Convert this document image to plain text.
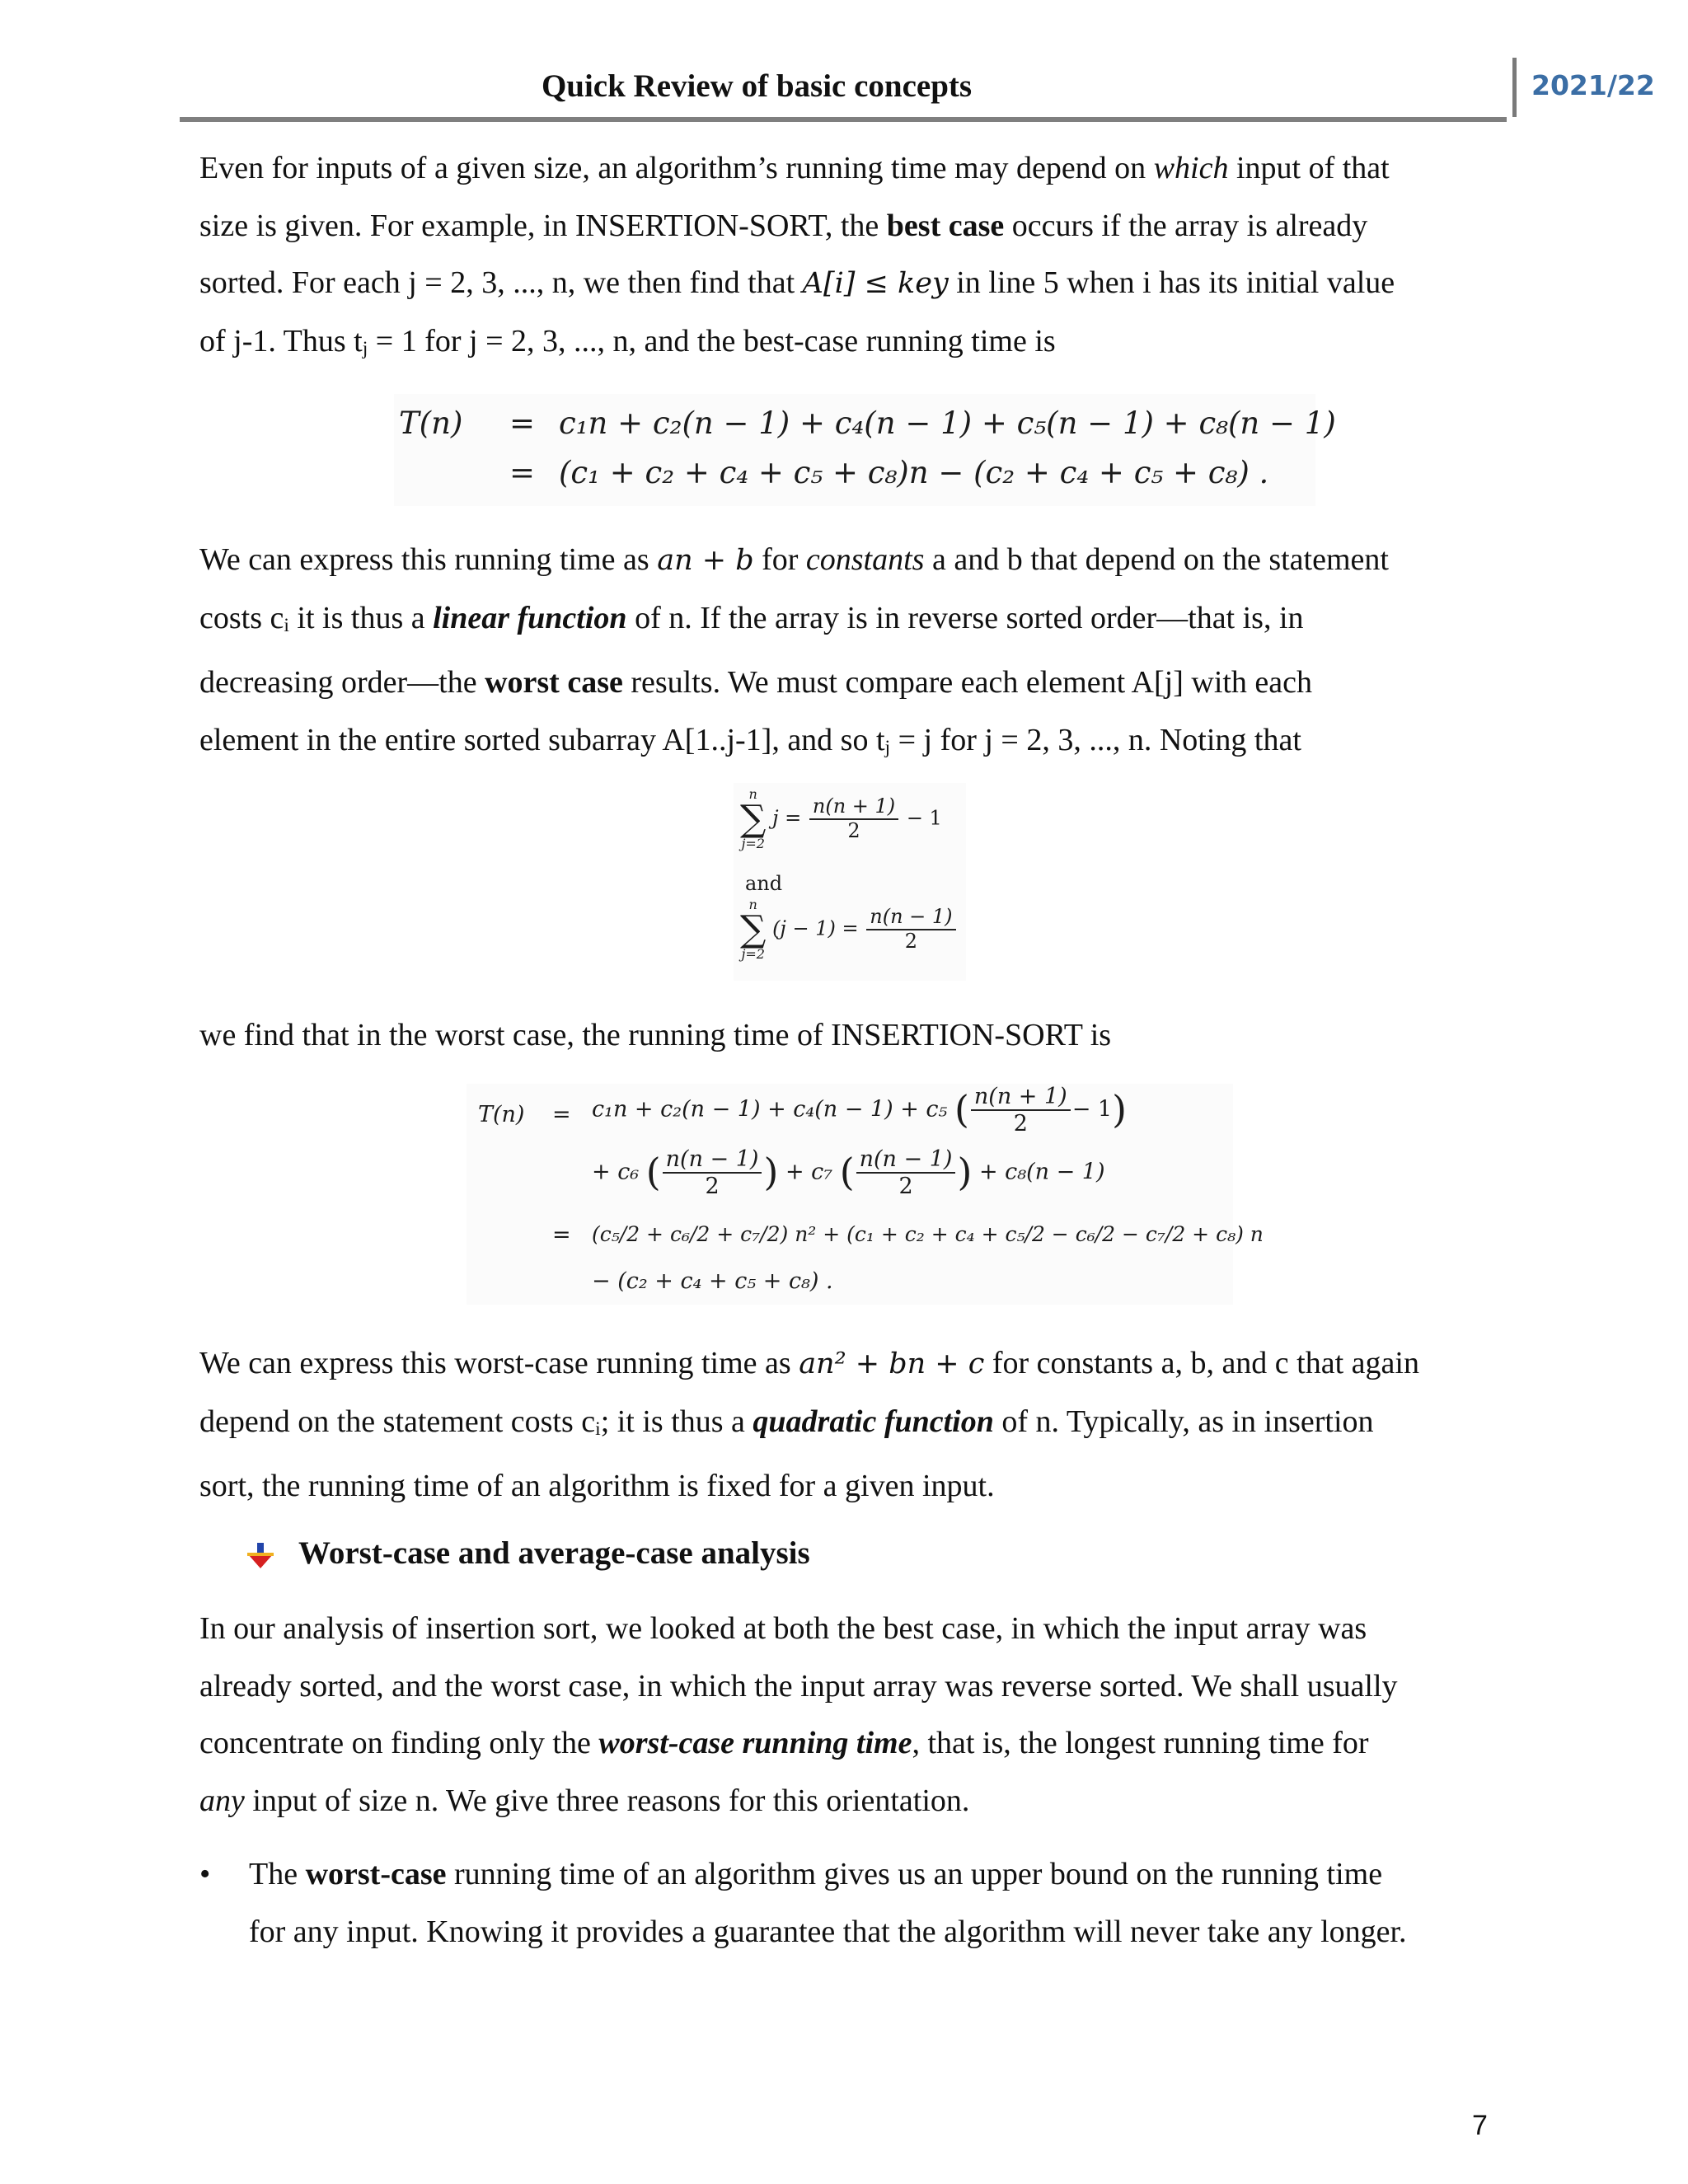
Quick Review of basic concepts	2021/22

Even for inputs of a given size, an algorithm’s running time may depend on which input of that
size is given. For example, in INSERTION-SORT, the best case occurs if the array is already
sorted. For each j = 2, 3, ..., n, we then find that A[i] ≤ key in line 5 when i has its initial value
of j-1. Thus $t_j = 1$ for j = 2, 3, ..., n, and the best-case running time is

T(n) = c₁n + c₂(n − 1) + c₄(n − 1) + c₅(n − 1) + c₈(n − 1)
= (c₁ + c₂ + c₄ + c₅ + c₈)n − (c₂ + c₄ + c₅ + c₈) .

We can express this running time as an + b for constants a and b that depend on the statement
costs $c_i$ it is thus a linear function of n. If the array is in reverse sorted order—that is, in
decreasing order—the worst case results. We must compare each element A[j] with each
element in the entire sorted subarray A[1..j-1], and so $t_j = j$ for j = 2, 3, ..., n. Noting that

n
∑
j=2
$j = \frac{n(n + 1)}{2} - 1$
and
n
∑
j=2
$(j - 1) = \frac{n(n - 1)}{2}$

we find that in the worst case, the running time of INSERTION-SORT is

T(n) = c₁n + c₂(n − 1) + c₄(n − 1) + c₅ ( $\frac{n(n + 1)}{2} - 1$)
+ c₆ ( $\frac{n(n - 1)}{2}$ ) + c₇ ( $\frac{n(n - 1)}{2}$ ) + c₈(n − 1)
= (c₅/2 + c₆/2 + c₇/2) n² + (c₁ + c₂ + c₄ + c₅/2 − c₆/2 − c₇/2 + c₈) n
− (c₂ + c₄ + c₅ + c₈) .

We can express this worst-case running time as an² + bn + c for constants a, b, and c that again
depend on the statement costs $c_i$; it is thus a quadratic function of n. Typically, as in insertion
sort, the running time of an algorithm is fixed for a given input.

Worst-case and average-case analysis

In our analysis of insertion sort, we looked at both the best case, in which the input array was
already sorted, and the worst case, in which the input array was reverse sorted. We shall usually
concentrate on finding only the worst-case running time, that is, the longest running time for
any input of size n. We give three reasons for this orientation.

• The worst-case running time of an algorithm gives us an upper bound on the running time
for any input. Knowing it provides a guarantee that the algorithm will never take any longer.

7
